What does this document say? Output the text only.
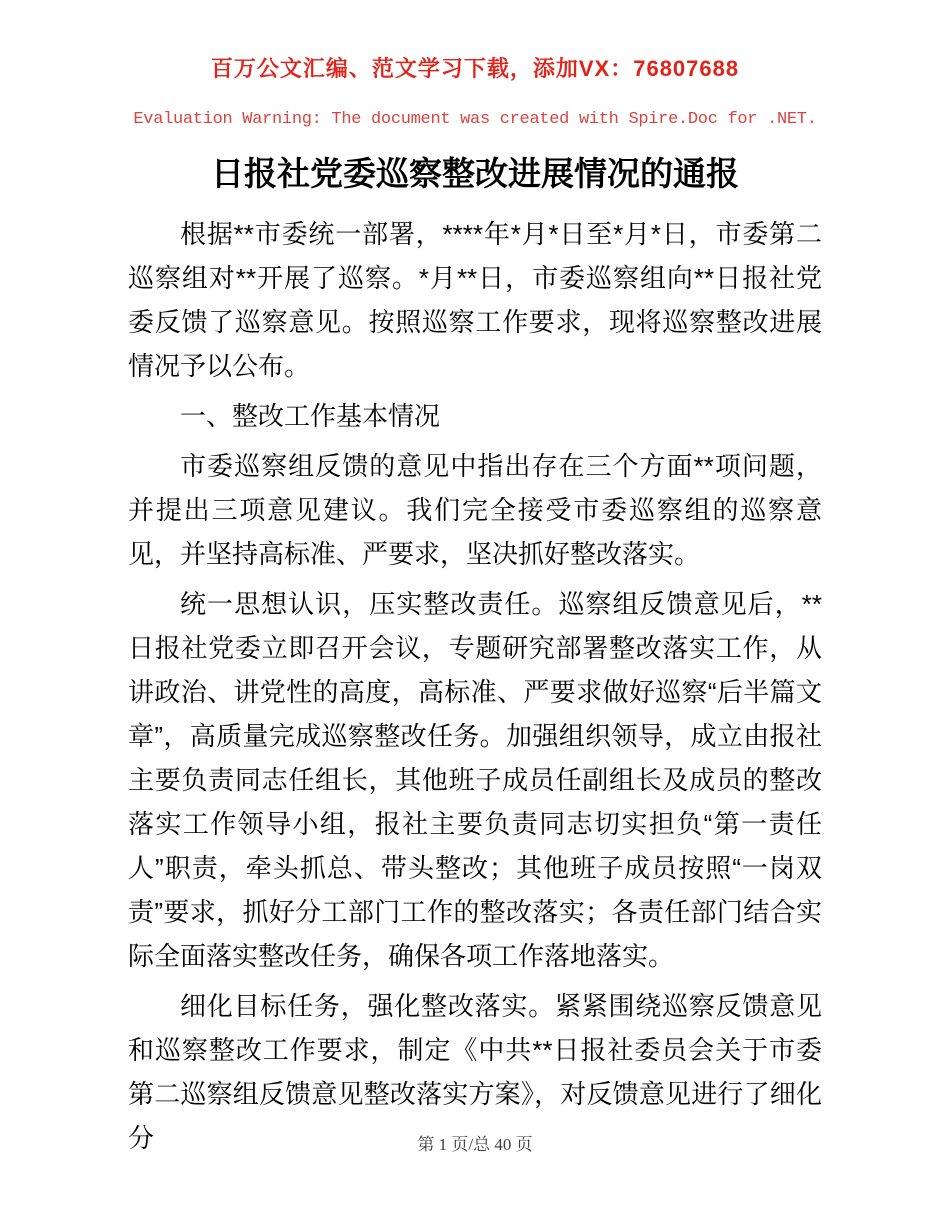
百万公文汇编、范文学习下载，添加VX：76807688
Evaluation Warning: The document was created with Spire.Doc for .NET.
日报社党委巡察整改进展情况的通报

根据**市委统一部署，****年*月*日至*月*日，市委第二巡察组对**开展了巡察。*月**日，市委巡察组向**日报社党委反馈了巡察意见。按照巡察工作要求，现将巡察整改进展情况予以公布。

一、整改工作基本情况

市委巡察组反馈的意见中指出存在三个方面**项问题，并提出三项意见建议。我们完全接受市委巡察组的巡察意见，并坚持高标准、严要求，坚决抓好整改落实。

统一思想认识，压实整改责任。巡察组反馈意见后，**日报社党委立即召开会议，专题研究部署整改落实工作，从讲政治、讲党性的高度，高标准、严要求做好巡察“后半篇文章”，高质量完成巡察整改任务。加强组织领导，成立由报社主要负责同志任组长，其他班子成员任副组长及成员的整改落实工作领导小组，报社主要负责同志切实担负“第一责任人”职责，牵头抓总、带头整改；其他班子成员按照“一岗双责”要求，抓好分工部门工作的整改落实；各责任部门结合实际全面落实整改任务，确保各项工作落地落实。

细化目标任务，强化整改落实。紧紧围绕巡察反馈意见和巡察整改工作要求，制定《中共**日报社委员会关于市委第二巡察组反馈意见整改落实方案》，对反馈意见进行了细化分	第 1 页/总 40 页
